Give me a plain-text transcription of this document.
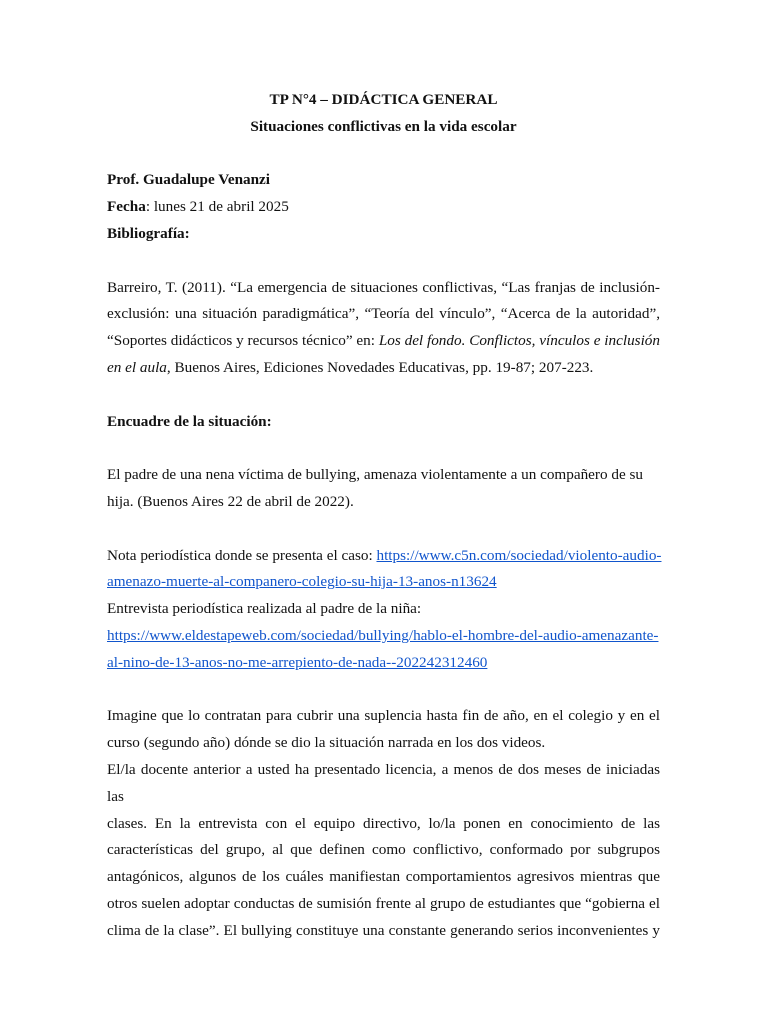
TP N°4 – DIDÁCTICA GENERAL

Situaciones conflictivas en la vida escolar

Prof. Guadalupe Venanzi

Fecha: lunes 21 de abril 2025

Bibliografía:

Barreiro, T. (2011). “La emergencia de situaciones conflictivas, “Las franjas de inclusión-
exclusión: una situación paradigmática”, “Teoría del vínculo”, “Acerca de la autoridad”,
“Soportes didácticos y recursos técnico” en: Los del fondo. Conflictos, vínculos e inclusión
en el aula, Buenos Aires, Ediciones Novedades Educativas, pp. 19-87; 207-223.

Encuadre de la situación:

El padre de una nena víctima de bullying, amenaza violentamente a un compañero de su

hija. (Buenos Aires 22 de abril de 2022).

Nota periodística donde se presenta el caso: https://www.c5n.com/sociedad/violento-audio-

amenazo-muerte-al-companero-colegio-su-hija-13-anos-n13624

Entrevista periodística realizada al padre de la niña:

https://www.eldestapeweb.com/sociedad/bullying/hablo-el-hombre-del-audio-amenazante-

al-nino-de-13-anos-no-me-arrepiento-de-nada--202242312460

Imagine que lo contratan para cubrir una suplencia hasta fin de año, en el colegio y en el
curso (segundo año) dónde se dio la situación narrada en los dos videos.
El/la docente anterior a usted ha presentado licencia, a menos de dos meses de iniciadas las
clases. En la entrevista con el equipo directivo, lo/la ponen en conocimiento de las
características del grupo, al que definen como conflictivo, conformado por subgrupos
antagónicos, algunos de los cuáles manifiestan comportamientos agresivos mientras que
otros suelen adoptar conductas de sumisión frente al grupo de estudiantes que “gobierna el
clima de la clase”. El bullying constituye una constante generando serios inconvenientes y
